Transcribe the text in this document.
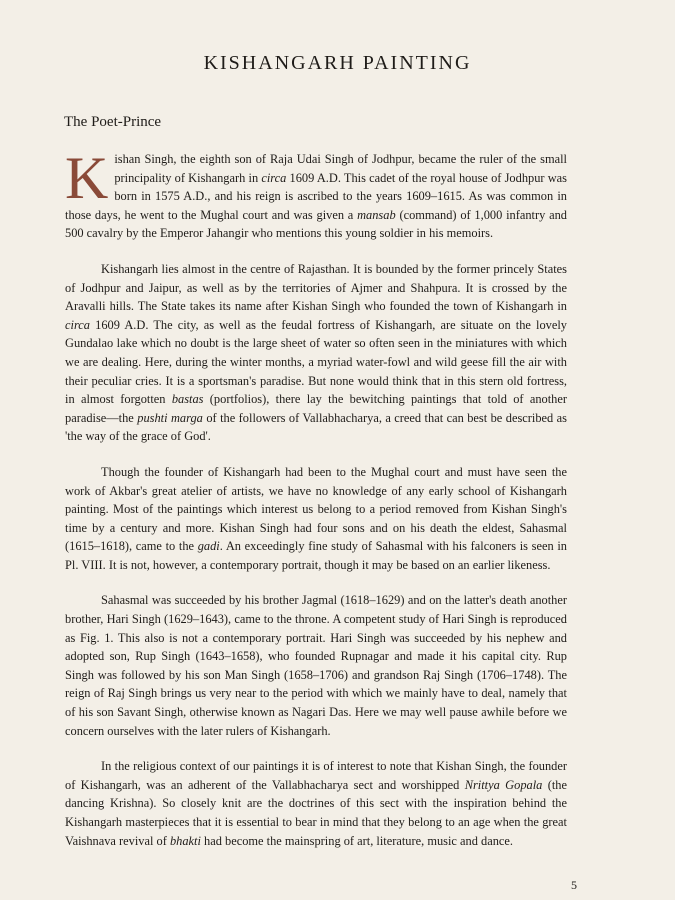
KISHANGARH PAINTING
The Poet-Prince

Kishan Singh, the eighth son of Raja Udai Singh of Jodhpur, became the ruler of the small principality of Kishangarh in circa 1609 A.D. This cadet of the royal house of Jodhpur was born in 1575 A.D., and his reign is ascribed to the years 1609–1615. As was common in those days, he went to the Mughal court and was given a mansab (command) of 1,000 infantry and 500 cavalry by the Emperor Jahangir who mentions this young soldier in his memoirs.

Kishangarh lies almost in the centre of Rajasthan. It is bounded by the former princely States of Jodhpur and Jaipur, as well as by the territories of Ajmer and Shahpura. It is crossed by the Aravalli hills. The State takes its name after Kishan Singh who founded the town of Kishangarh in circa 1609 A.D. The city, as well as the feudal fortress of Kishangarh, are situate on the lovely Gundalao lake which no doubt is the large sheet of water so often seen in the miniatures with which we are dealing. Here, during the winter months, a myriad water-fowl and wild geese fill the air with their peculiar cries. It is a sportsman's paradise. But none would think that in this stern old fortress, in almost forgotten bastas (portfolios), there lay the bewitching paintings that told of another paradise—the pushti marga of the followers of Vallabhacharya, a creed that can best be described as 'the way of the grace of God'.

Though the founder of Kishangarh had been to the Mughal court and must have seen the work of Akbar's great atelier of artists, we have no knowledge of any early school of Kishangarh painting. Most of the paintings which interest us belong to a period removed from Kishan Singh's time by a century and more. Kishan Singh had four sons and on his death the eldest, Sahasmal (1615–1618), came to the gadi. An exceedingly fine study of Sahasmal with his falconers is seen in Pl. VIII. It is not, however, a contemporary portrait, though it may be based on an earlier likeness.

Sahasmal was succeeded by his brother Jagmal (1618–1629) and on the latter's death another brother, Hari Singh (1629–1643), came to the throne. A competent study of Hari Singh is reproduced as Fig. 1. This also is not a contemporary portrait. Hari Singh was succeeded by his nephew and adopted son, Rup Singh (1643–1658), who founded Rupnagar and made it his capital city. Rup Singh was followed by his son Man Singh (1658–1706) and grandson Raj Singh (1706–1748). The reign of Raj Singh brings us very near to the period with which we mainly have to deal, namely that of his son Savant Singh, otherwise known as Nagari Das. Here we may well pause awhile before we concern ourselves with the later rulers of Kishangarh.

In the religious context of our paintings it is of interest to note that Kishan Singh, the founder of Kishangarh, was an adherent of the Vallabhacharya sect and worshipped Nrittya Gopala (the dancing Krishna). So closely knit are the doctrines of this sect with the inspiration behind the Kishangarh masterpieces that it is essential to bear in mind that they belong to an age when the great Vaishnava revival of bhakti had become the mainspring of art, literature, music and dance.

5
